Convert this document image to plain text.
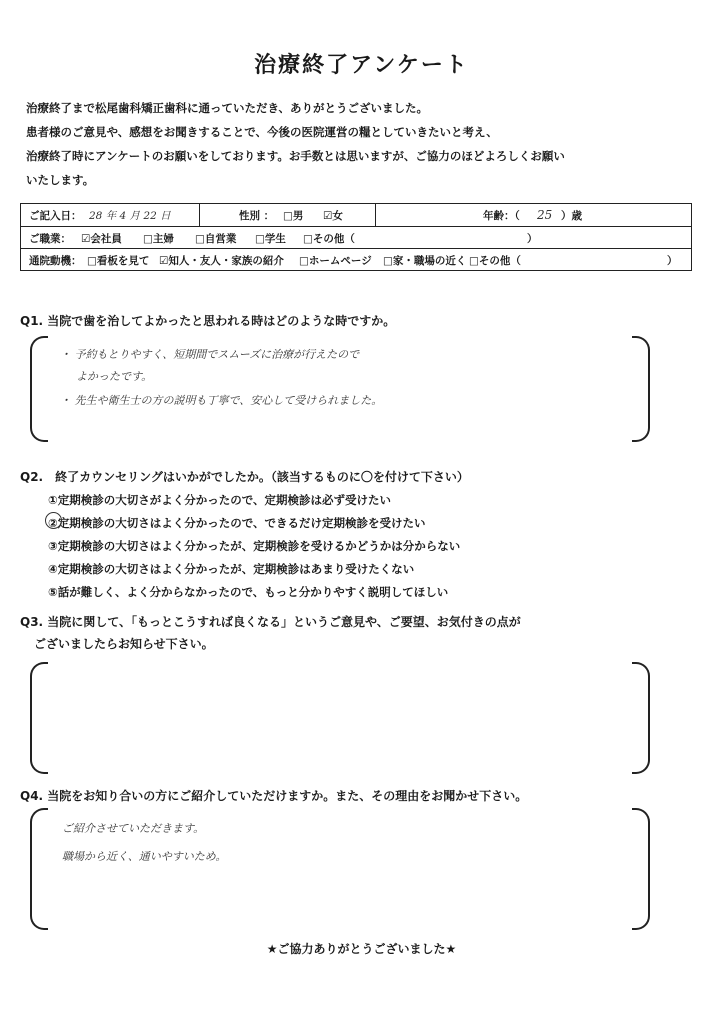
治療終了アンケート
治療終了まで松尾歯科矯正歯科に通っていただき、ありがとうございました。
患者様のご意見や、感想をお聞きすることで、今後の医院運営の糧としていきたいと考え、
治療終了時にアンケートのお願いをしております。お手数とは思いますが、ご協力のほどよろしくお願い
いたします。
ご記入日： 28 年 4 月 22 日	性別 ： □男 ☑女	年齢：（ 25 ）歳
ご職業： ☑会社員 □主婦 □自営業 □学生 □その他（	）
通院動機： □看板を見て ☑知人・友人・家族の紹介 □ホームページ □家・職場の近く □その他（	）
Q1. 当院で歯を治してよかったと思われる時はどのような時ですか。
・ 予約もとりやすく、短期間でスムーズに治療が行えたので
よかったです。
・ 先生や衛生士の方の説明も丁寧で、安心して受けられました。
Q2.　終了カウンセリングはいかがでしたか。（該当するものに〇を付けて下さい）
①定期検診の大切さがよく分かったので、定期検診は必ず受けたい
②定期検診の大切さはよく分かったので、できるだけ定期検診を受けたい
③定期検診の大切さはよく分かったが、定期検診を受けるかどうかは分からない
④定期検診の大切さはよく分かったが、定期検診はあまり受けたくない
⑤話が難しく、よく分からなかったので、もっと分かりやすく説明してほしい
Q3. 当院に関して、「もっとこうすれば良くなる」というご意見や、ご要望、お気付きの点が
ございましたらお知らせ下さい。
Q4. 当院をお知り合いの方にご紹介していただけますか。また、その理由をお聞かせ下さい。
ご紹介させていただきます。
職場から近く、通いやすいため。
★ご協力ありがとうございました★
